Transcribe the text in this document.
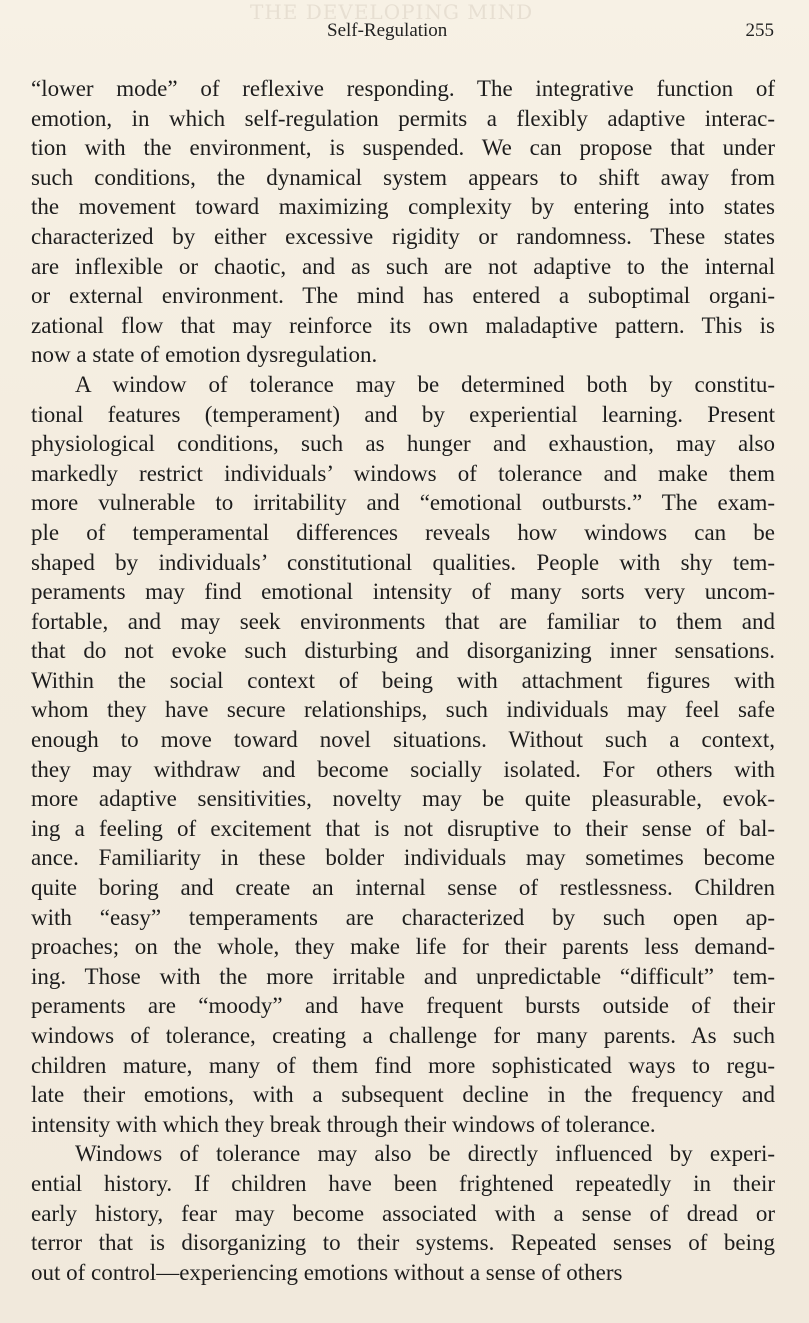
THE DEVELOPING MIND
Self-Regulation	255
“lower mode” of reflexive responding. The integrative function of
emotion, in which self-regulation permits a flexibly adaptive interac-
tion with the environment, is suspended. We can propose that under
such conditions, the dynamical system appears to shift away from
the movement toward maximizing complexity by entering into states
characterized by either excessive rigidity or randomness. These states
are inflexible or chaotic, and as such are not adaptive to the internal
or external environment. The mind has entered a suboptimal organi-
zational flow that may reinforce its own maladaptive pattern. This is
now a state of emotion dysregulation.
A window of tolerance may be determined both by constitu-
tional features (temperament) and by experiential learning. Present
physiological conditions, such as hunger and exhaustion, may also
markedly restrict individuals’ windows of tolerance and make them
more vulnerable to irritability and “emotional outbursts.” The exam-
ple of temperamental differences reveals how windows can be
shaped by individuals’ constitutional qualities. People with shy tem-
peraments may find emotional intensity of many sorts very uncom-
fortable, and may seek environments that are familiar to them and
that do not evoke such disturbing and disorganizing inner sensations.
Within the social context of being with attachment figures with
whom they have secure relationships, such individuals may feel safe
enough to move toward novel situations. Without such a context,
they may withdraw and become socially isolated. For others with
more adaptive sensitivities, novelty may be quite pleasurable, evok-
ing a feeling of excitement that is not disruptive to their sense of bal-
ance. Familiarity in these bolder individuals may sometimes become
quite boring and create an internal sense of restlessness. Children
with “easy” temperaments are characterized by such open ap-
proaches; on the whole, they make life for their parents less demand-
ing. Those with the more irritable and unpredictable “difficult” tem-
peraments are “moody” and have frequent bursts outside of their
windows of tolerance, creating a challenge for many parents. As such
children mature, many of them find more sophisticated ways to regu-
late their emotions, with a subsequent decline in the frequency and
intensity with which they break through their windows of tolerance.
Windows of tolerance may also be directly influenced by experi-
ential history. If children have been frightened repeatedly in their
early history, fear may become associated with a sense of dread or
terror that is disorganizing to their systems. Repeated senses of being
out of control—experiencing emotions without a sense of others
